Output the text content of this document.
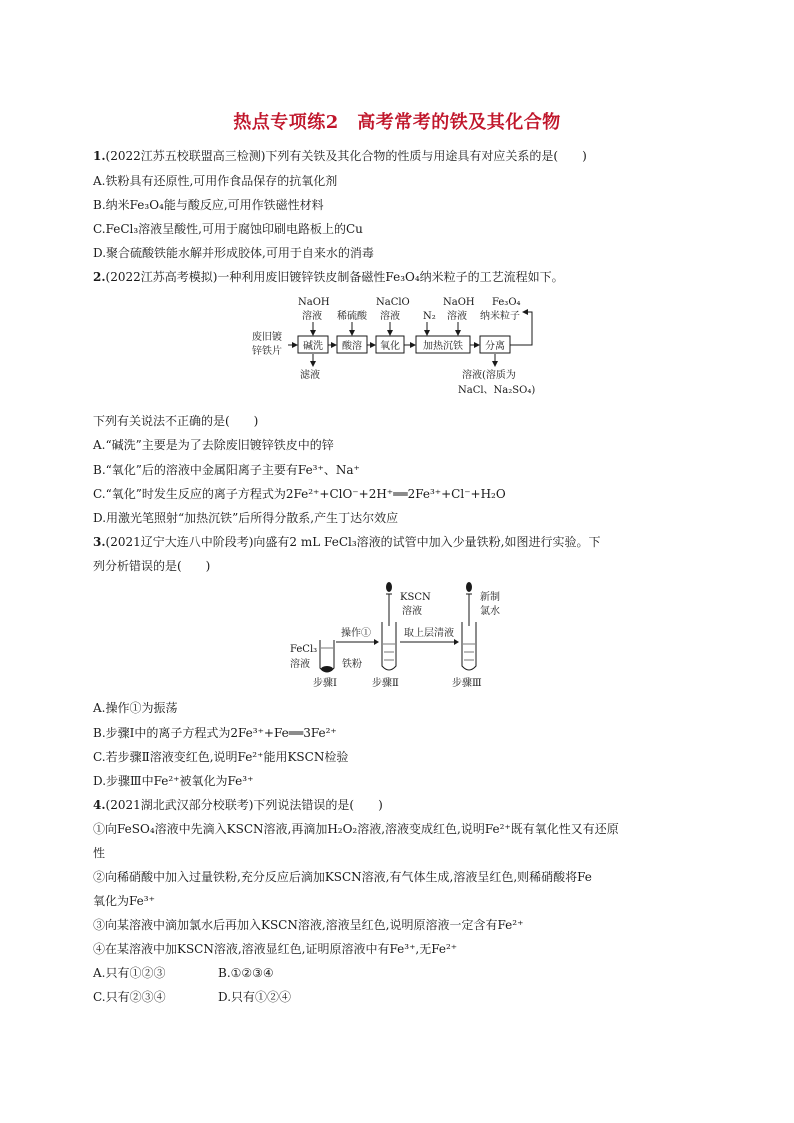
热点专项练2　高考常考的铁及其化合物
1.(2022江苏五校联盟高三检测)下列有关铁及其化合物的性质与用途具有对应关系的是(　　)
A.铁粉具有还原性,可用作食品保存的抗氧化剂
B.纳米Fe₃O₄能与酸反应,可用作铁磁性材料
C.FeCl₃溶液呈酸性,可用于腐蚀印刷电路板上的Cu
D.聚合硫酸铁能水解并形成胶体,可用于自来水的消毒
2.(2022江苏高考模拟)一种利用废旧镀锌铁皮制备磁性Fe₃O₄纳米粒子的工艺流程如下。
废旧镀
锌铁片
NaOH
溶液 稀硫酸
NaClO
溶液 N₂
NaOH
溶液
Fe₃O₄
纳米粒子
滤液	溶液(溶质为
NaCl、Na₂SO₄)
碱洗 酸溶 氧化 加热沉铁 分离
下列有关说法不正确的是(　　)
A.“碱洗”主要是为了去除废旧镀锌铁皮中的锌
B.“氧化”后的溶液中金属阳离子主要有Fe³⁺、Na⁺
C.“氧化”时发生反应的离子方程式为2Fe²⁺+ClO⁻+2H⁺══2Fe³⁺+Cl⁻+H₂O
D.用激光笔照射“加热沉铁”后所得分散系,产生丁达尔效应
3.(2021辽宁大连八中阶段考)向盛有2 mL FeCl₃溶液的试管中加入少量铁粉,如图进行实验。下
列分析错误的是(　　)
KSCN
溶液
新制
氯水
FeCl₃
溶液	铁粉
操作①	取上层清液
步骤Ⅰ	步骤Ⅱ	步骤Ⅲ
A.操作①为振荡
B.步骤Ⅰ中的离子方程式为2Fe³⁺+Fe══3Fe²⁺
C.若步骤Ⅱ溶液变红色,说明Fe²⁺能用KSCN检验
D.步骤Ⅲ中Fe²⁺被氧化为Fe³⁺
4.(2021湖北武汉部分校联考)下列说法错误的是(　　)
①向FeSO₄溶液中先滴入KSCN溶液,再滴加H₂O₂溶液,溶液变成红色,说明Fe²⁺既有氧化性又有还原
性
②向稀硝酸中加入过量铁粉,充分反应后滴加KSCN溶液,有气体生成,溶液呈红色,则稀硝酸将Fe
氧化为Fe³⁺
③向某溶液中滴加氯水后再加入KSCN溶液,溶液呈红色,说明原溶液一定含有Fe²⁺
④在某溶液中加KSCN溶液,溶液显红色,证明原溶液中有Fe³⁺,无Fe²⁺
A.只有①②③	B.①②③④
C.只有②③④	D.只有①②④
